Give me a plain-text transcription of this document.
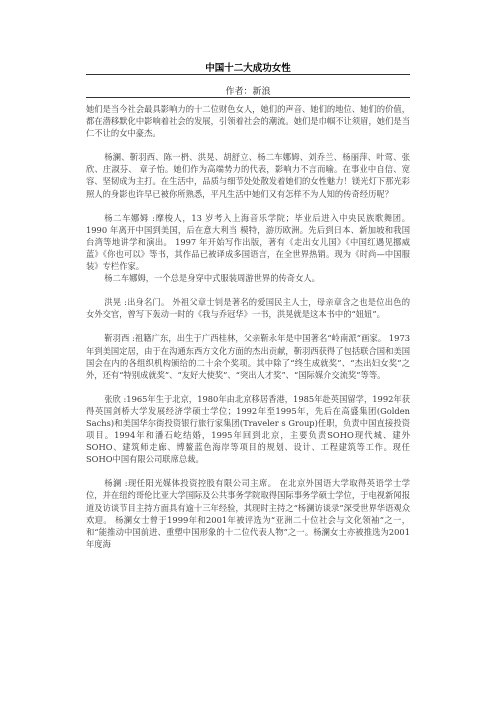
中国十二大成功女性
作者：新浪

她们是当今社会最具影响力的十二位财色女人，她们的声音、她们的地位、她们的价值，都在潜移默化中影响着社会的发展，引领着社会的潮流。她们是巾帼不让须眉，她们是当仁不让的女中豪杰。

杨澜、靳羽西、陈一枬、洪晃、胡舒立、杨二车娜姆、刘乔兰、杨丽萍、叶莺、张欣、庄淑芬、 章子怡。她们作为高端势力的代表，影响力不言而喻。在事业中自信、宽容、坚韧成为主打。在生活中，品质与细节处处散发着她们的女性魅力！镁光灯下那光彩照人的身影也许早已被你所熟悉，平凡生活中她们又有怎样不为人知的传奇经历呢？

杨二车娜姆 :摩梭人，13 岁考入上海音乐学院；毕业后进入中央民族歌舞团。 1990 年离开中国到美国，后在意大利当 模特，游历欧洲。先后到日本、新加坡和我国台湾等地讲学和演出。 1997 年开始写作出版，著有《走出女儿国》《中国红遇见挪威蓝》《你也可以》等书，其作品已被译成多国语言，在全世界热销。现为《时尚—中国服装》专栏作家。

杨二车娜姆，一个总是身穿中式服装周游世界的传奇女人。

洪晃 :出身名门。 外祖父章士钊是著名的爱国民主人士，母亲章含之也是位出色的女外交官，曾写下轰动一时的《我与乔冠华》一书，洪晃就是这本书中的“妞妞”。

靳羽西 :祖籍广东，出生于广西桂林，父亲靳永年是中国著名“岭南派”画家。 1973 年到美国定居，由于在沟通东西方文化方面的杰出贡献，靳羽西获得了包括联合国和美国国会在内的各组织机构颁给的二十余个奖项。其中除了“终生成就奖”、“杰出妇女奖”之外，还有“特别成就奖”、“友好大使奖”、“突出人才奖”、“国际媒介交流奖”等等。

张欣 :1965年生于北京，1980年由北京移居香港，1985年赴英国留学，1992年获得英国剑桥大学发展经济学硕士学位；1992年至1995年，先后在高盛集团(Golden Sachs)和美国华尔街投资银行旅行家集团(Traveler s Group)任职，负责中国直接投资项目。1994年和潘石屹结婚，1995年回到北京，主要负责SOHO现代城、建外SOHO、建筑师走廊、博鳌蓝色海岸等项目的规划、设计、工程建筑等工作。现任SOHO中国有限公司联席总裁。

杨澜 :现任阳光媒体投资控股有限公司主席。 在北京外国语大学取得英语学士学位，并在纽约哥伦比亚大学国际及公共事务学院取得国际事务学硕士学位，于电视新闻报道及访谈节目主持方面具有逾十三年经验，其现时主持之“杨澜访谈录”深受世界华语观众欢迎。 杨澜女士曾于1999年和2001年被评选为“亚洲二十位社会与文化领袖”之一，和“能推动中国前进、重塑中国形象的十二位代表人物”之一。杨澜女士亦被推选为2001年度海
